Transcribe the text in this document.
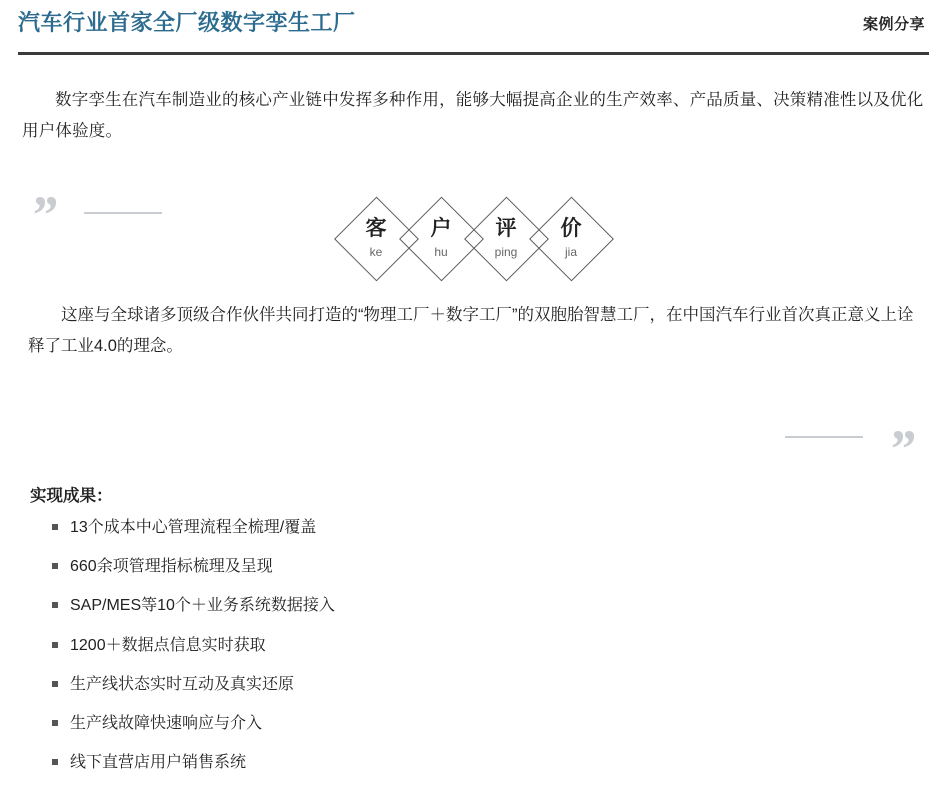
汽车行业首家全厂级数字孪生工厂	案例分享

数字孪生在汽车制造业的核心产业链中发挥多种作用，能够大幅提高企业的生产效率、产品质量、决策精准性以及优化用户体验度。

”	客
ke
户
hu
评
ping
价
jia
这座与全球诸多顶级合作伙伴共同打造的“物理工厂＋数字工厂”的双胞胎智慧工厂，在中国汽车行业首次真正意义上诠释了工业4.0的理念。
”
实现成果：
13个成本中心管理流程全梳理/覆盖
660余项管理指标梳理及呈现
SAP/MES等10个＋业务系统数据接入
1200＋数据点信息实时获取
生产线状态实时互动及真实还原
生产线故障快速响应与介入
线下直营店用户销售系统
